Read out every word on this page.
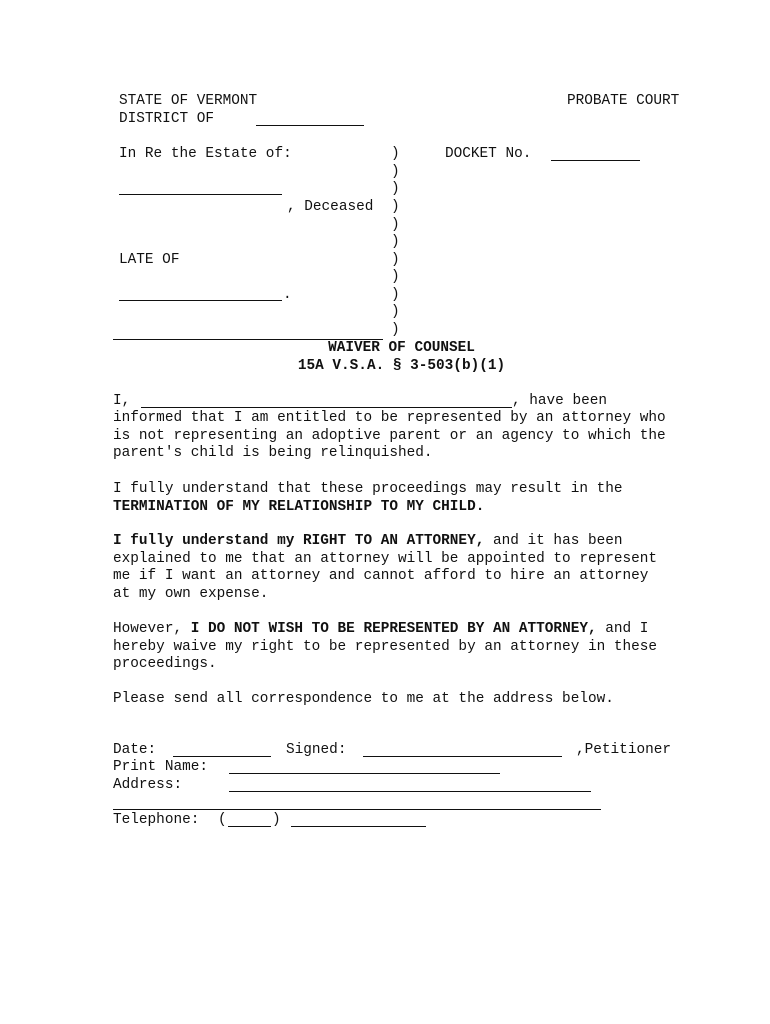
STATE OF VERMONT	PROBATE COURT
DISTRICT OF
In Re the Estate of:
, Deceased
LATE OF
.
)
)
)
)
)
)
)
)
)
)
)
DOCKET No.
WAIVER OF COUNSEL
15A V.S.A. § 3-503(b)(1)
I,	, have been
informed that I am entitled to be represented by an attorney who is not representing an adoptive parent or an agency to which the parent's child is being relinquished.
I fully understand that these proceedings may result in the
TERMINATION OF MY RELATIONSHIP TO MY CHILD.
I fully understand my RIGHT TO AN ATTORNEY, and it has been explained to me that an attorney will be appointed to represent me if I want an attorney and cannot afford to hire an attorney at my own expense.
However, I DO NOT WISH TO BE REPRESENTED BY AN ATTORNEY, and I hereby waive my right to be represented by an attorney in these proceedings.
Please send all correspondence to me at the address below.
Date:	Signed:	,Petitioner
Print Name:
Address:
Telephone: (	)
